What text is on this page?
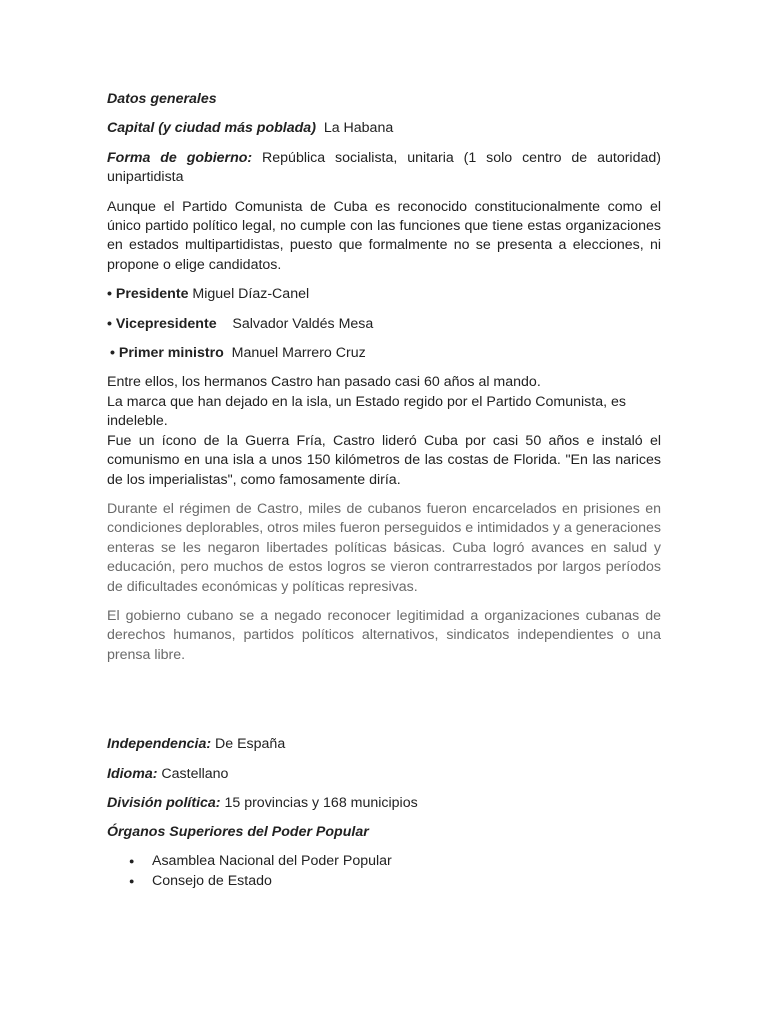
Datos generales

Capital (y ciudad más poblada) La Habana

Forma de gobierno: República socialista, unitaria (1 solo centro de autoridad) unipartidista

Aunque el Partido Comunista de Cuba es reconocido constitucionalmente como el único partido político legal, no cumple con las funciones que tiene estas organizaciones en estados multipartidistas, puesto que formalmente no se presenta a elecciones, ni propone o elige candidatos.

• Presidente Miguel Díaz-Canel

• Vicepresidente Salvador Valdés Mesa

• Primer ministro Manuel Marrero Cruz

Entre ellos, los hermanos Castro han pasado casi 60 años al mando.

La marca que han dejado en la isla, un Estado regido por el Partido Comunista, es indeleble.

Fue un ícono de la Guerra Fría, Castro lideró Cuba por casi 50 años e instaló el comunismo en una isla a unos 150 kilómetros de las costas de Florida. "En las narices de los imperialistas", como famosamente diría.

Durante el régimen de Castro, miles de cubanos fueron encarcelados en prisiones en condiciones deplorables, otros miles fueron perseguidos e intimidados y a generaciones enteras se les negaron libertades políticas básicas. Cuba logró avances en salud y educación, pero muchos de estos logros se vieron contrarrestados por largos períodos de dificultades económicas y políticas represivas.

El gobierno cubano se a negado reconocer legitimidad a organizaciones cubanas de derechos humanos, partidos políticos alternativos, sindicatos independientes o una prensa libre.

Independencia: De España

Idioma: Castellano

División política: 15 provincias y 168 municipios

Órganos Superiores del Poder Popular

● Asamblea Nacional del Poder Popular
● Consejo de Estado
